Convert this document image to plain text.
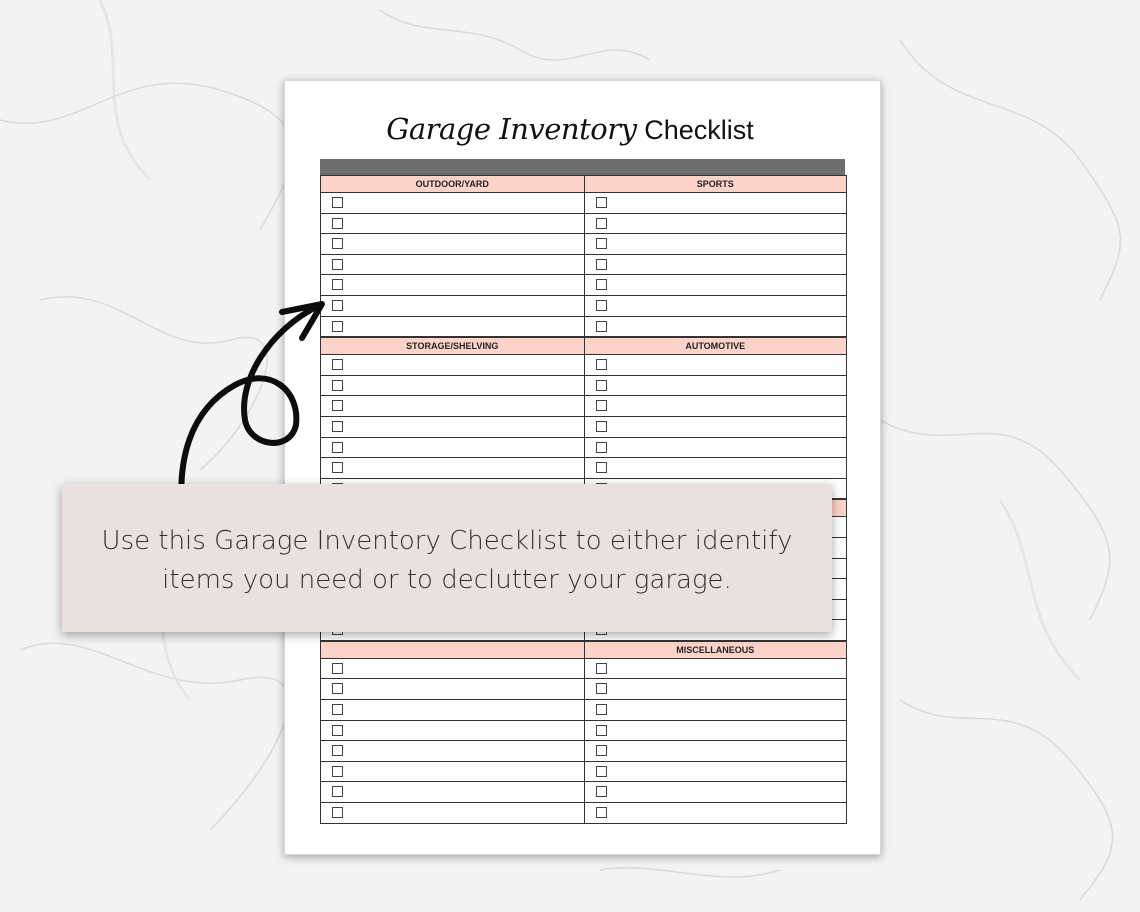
Garage Inventory Checklist
OUTDOOR/YARD	SPORTS
STORAGE/SHELVING	AUTOMOTIVE
MISCELLANEOUS

Use this Garage Inventory Checklist to either identify
items you need or to declutter your garage.
